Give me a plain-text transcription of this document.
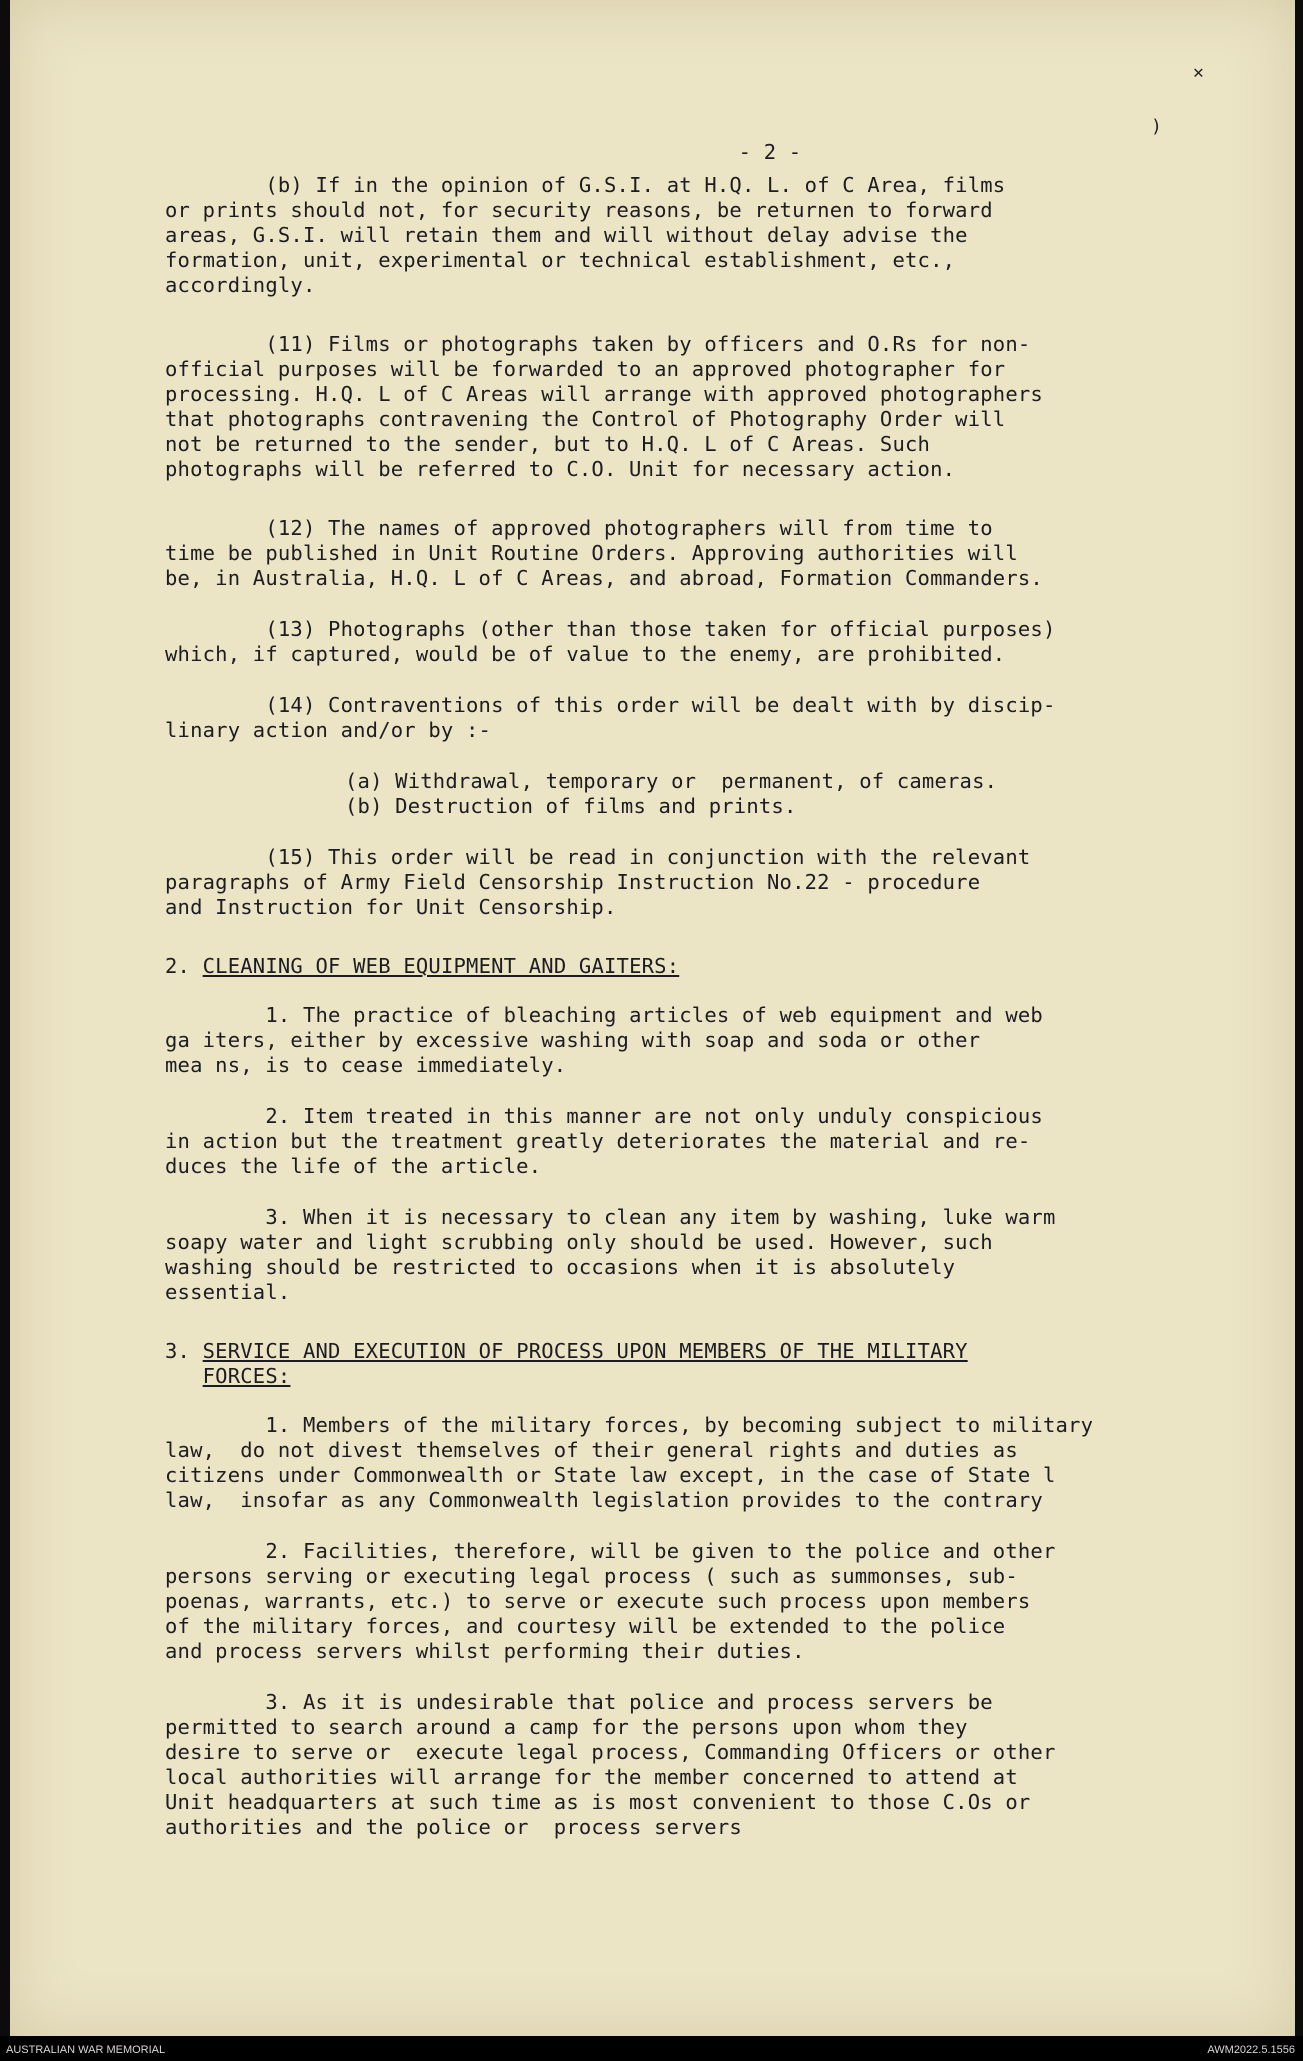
✕
)
- 2 -
(b) If in the opinion of G.S.I. at H.Q. L. of C Area, films
or prints should not, for security reasons, be returnen to forward
areas, G.S.I. will retain them and will without delay advise the
formation, unit, experimental or technical establishment, etc.,
accordingly.
(11) Films or photographs taken by officers and O.Rs for non-
official purposes will be forwarded to an approved photographer for
processing. H.Q. L of C Areas will arrange with approved photographers
that photographs contravening the Control of Photography Order will
not be returned to the sender, but to H.Q. L of C Areas. Such
photographs will be referred to C.O. Unit for necessary action.
(12) The names of approved photographers will from time to
time be published in Unit Routine Orders. Approving authorities will
be, in Australia, H.Q. L of C Areas, and abroad, Formation Commanders.
(13) Photographs (other than those taken for official purposes)
which, if captured, would be of value to the enemy, are prohibited.
(14) Contraventions of this order will be dealt with by discip-
linary action and/or by :-
(a) Withdrawal, temporary or  permanent, of cameras.
(b) Destruction of films and prints.
(15) This order will be read in conjunction with the relevant
paragraphs of Army Field Censorship Instruction No.22 - procedure
and Instruction for Unit Censorship.
2. CLEANING OF WEB EQUIPMENT AND GAITERS:
1. The practice of bleaching articles of web equipment and web
ga iters, either by excessive washing with soap and soda or other
mea ns, is to cease immediately.
2. Item treated in this manner are not only unduly conspicious
in action but the treatment greatly deteriorates the material and re-
duces the life of the article.
3. When it is necessary to clean any item by washing, luke warm
soapy water and light scrubbing only should be used. However, such
washing should be restricted to occasions when it is absolutely
essential.
3. SERVICE AND EXECUTION OF PROCESS UPON MEMBERS OF THE MILITARY
FORCES:
1. Members of the military forces, by becoming subject to military
law,  do not divest themselves of their general rights and duties as
citizens under Commonwealth or State law except, in the case of State l
law,  insofar as any Commonwealth legislation provides to the contrary
2. Facilities, therefore, will be given to the police and other
persons serving or executing legal process ( such as summonses, sub-
poenas, warrants, etc.) to serve or execute such process upon members
of the military forces, and courtesy will be extended to the police
and process servers whilst performing their duties.
3. As it is undesirable that police and process servers be
permitted to search around a camp for the persons upon whom they
desire to serve or  execute legal process, Commanding Officers or other
local authorities will arrange for the member concerned to attend at
Unit headquarters at such time as is most convenient to those C.Os or
authorities and the police or  process servers
AUSTRALIAN WAR MEMORIAL	AWM2022.5.1556
